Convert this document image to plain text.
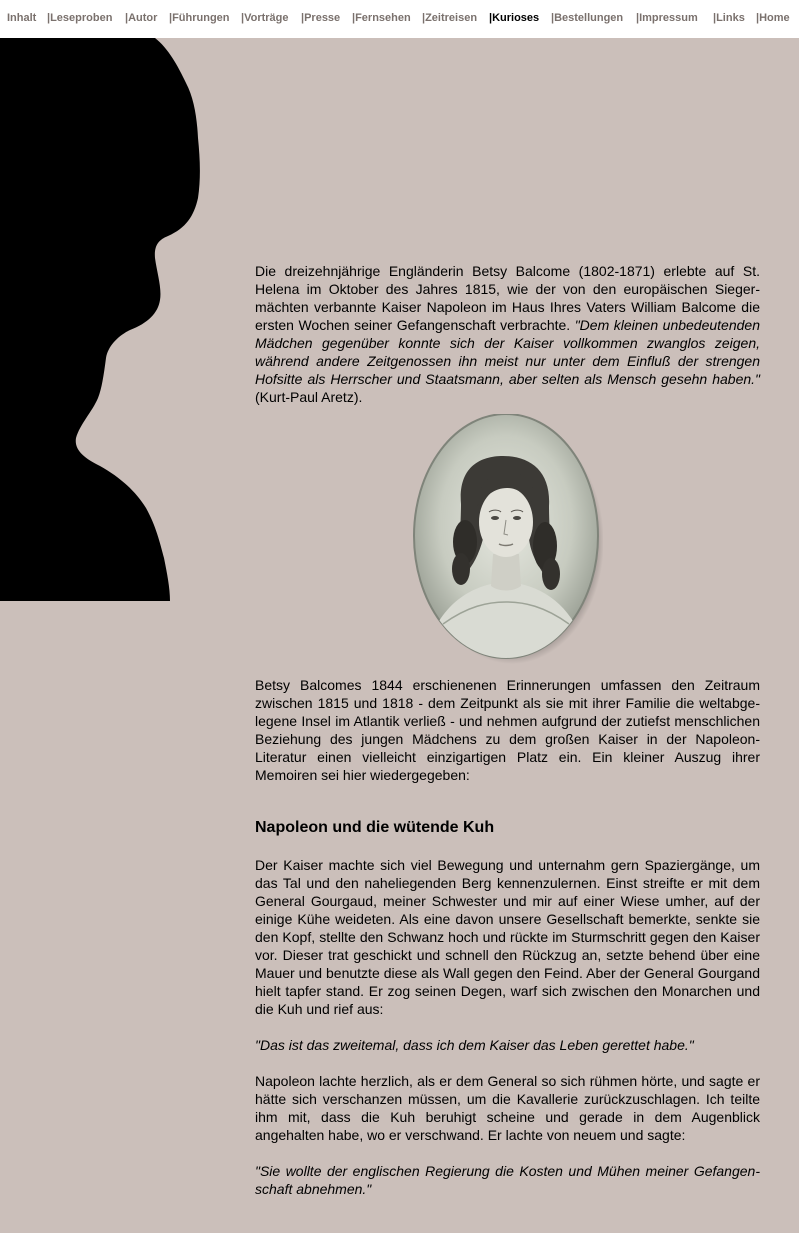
Inhalt |Leseproben |Autor |Führungen |Vorträge |Presse |Fernsehen |Zeitreisen |Kurioses |Bestellungen |Impressum |Links |Home

Die dreizehnjährige Engländerin Betsy Balcome (1802-1871) erlebte auf St. Helena im Oktober des Jahres 1815, wie der von den europäischen Siegermächten verbannte Kaiser Napoleon im Haus Ihres Vaters William Balcome die ersten Wochen seiner Gefangenschaft verbrachte. "Dem kleinen unbedeutenden Mädchen gegenüber konnte sich der Kaiser vollkommen zwanglos zeigen, während andere Zeitgenossen ihn meist nur unter dem Einfluß der strengen Hofsitte als Herrscher und Staatsmann, aber selten als Mensch gesehn haben." (Kurt-Paul Aretz).

Betsy Balcomes 1844 erschienenen Erinnerungen umfassen den Zeitraum zwischen 1815 und 1818 - dem Zeitpunkt als sie mit ihrer Familie die weltabgelegene Insel im Atlantik verließ - und nehmen aufgrund der zutiefst menschlichen Beziehung des jungen Mädchens zu dem großen Kaiser in der Napoleon-Literatur einen vielleicht einzigartigen Platz ein. Ein kleiner Auszug ihrer Memoiren sei hier wiedergegeben:

Napoleon und die wütende Kuh

Der Kaiser machte sich viel Bewegung und unternahm gern Spaziergänge, um das Tal und den naheliegenden Berg kennenzulernen. Einst streifte er mit dem General Gourgaud, meiner Schwester und mir auf einer Wiese umher, auf der einige Kühe weideten. Als eine davon unsere Gesellschaft bemerkte, senkte sie den Kopf, stellte den Schwanz hoch und rückte im Sturmschritt gegen den Kaiser vor. Dieser trat geschickt und schnell den Rückzug an, setzte behend über eine Mauer und benutzte diese als Wall gegen den Feind. Aber der General Gourgand hielt tapfer stand. Er zog seinen Degen, warf sich zwischen den Monarchen und die Kuh und rief aus:

"Das ist das zweitemal, dass ich dem Kaiser das Leben gerettet habe."

Napoleon lachte herzlich, als er dem General so sich rühmen hörte, und sagte er hätte sich verschanzen müssen, um die Kavallerie zurückzuschlagen. Ich teilte ihm mit, dass die Kuh beruhigt scheine und gerade in dem Augenblick angehalten habe, wo er verschwand. Er lachte von neuem und sagte:

"Sie wollte der englischen Regierung die Kosten und Mühen meiner Gefangenschaft abnehmen."
